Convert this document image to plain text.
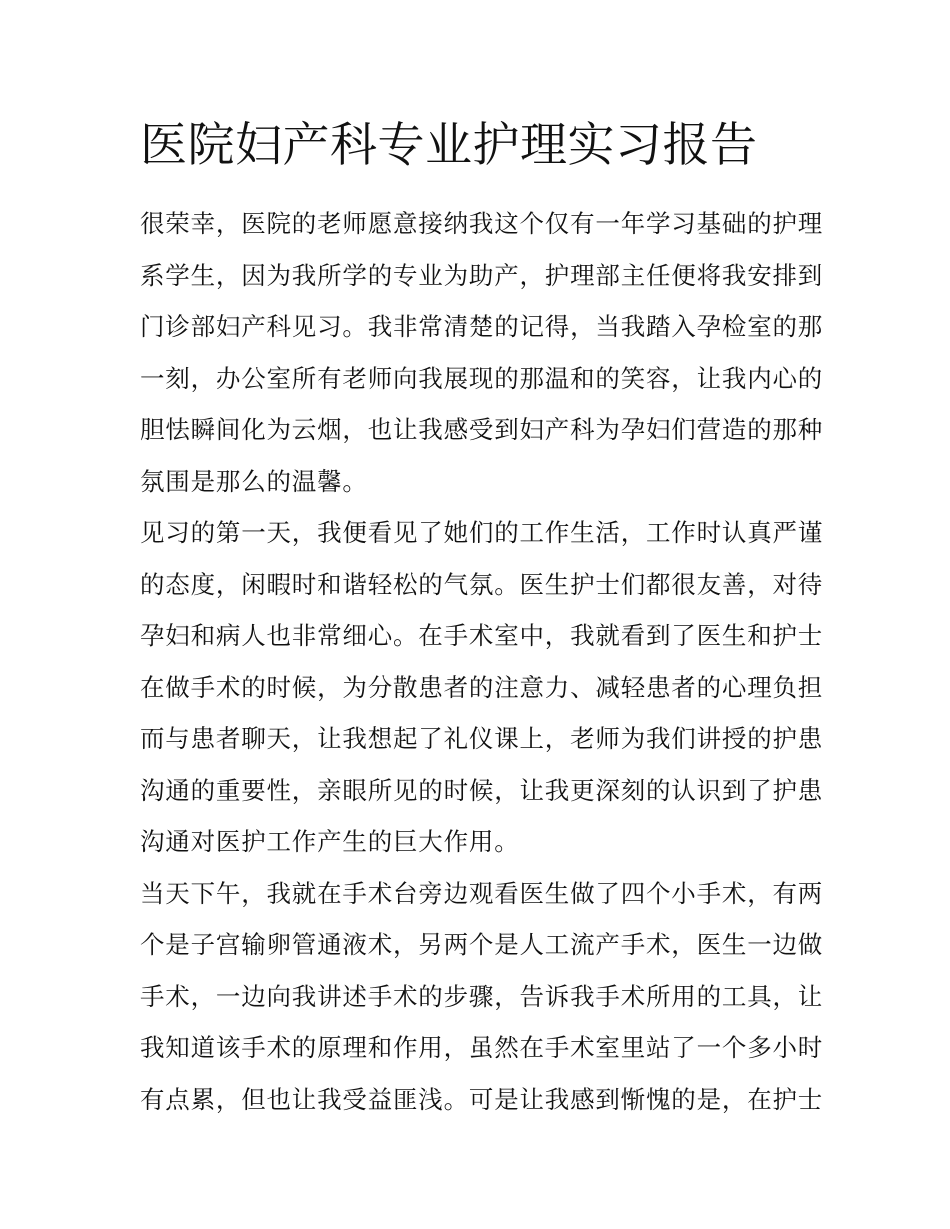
医院妇产科专业护理实习报告
很荣幸，医院的老师愿意接纳我这个仅有一年学习基础的护理
系学生，因为我所学的专业为助产，护理部主任便将我安排到
门诊部妇产科见习。我非常清楚的记得，当我踏入孕检室的那
一刻，办公室所有老师向我展现的那温和的笑容，让我内心的
胆怯瞬间化为云烟，也让我感受到妇产科为孕妇们营造的那种
氛围是那么的温馨。
见习的第一天，我便看见了她们的工作生活，工作时认真严谨
的态度，闲暇时和谐轻松的气氛。医生护士们都很友善，对待
孕妇和病人也非常细心。在手术室中，我就看到了医生和护士
在做手术的时候，为分散患者的注意力、减轻患者的心理负担
而与患者聊天，让我想起了礼仪课上，老师为我们讲授的护患
沟通的重要性，亲眼所见的时候，让我更深刻的认识到了护患
沟通对医护工作产生的巨大作用。
当天下午，我就在手术台旁边观看医生做了四个小手术，有两
个是子宫输卵管通液术，另两个是人工流产手术，医生一边做
手术，一边向我讲述手术的步骤，告诉我手术所用的工具，让
我知道该手术的原理和作用，虽然在手术室里站了一个多小时
有点累，但也让我受益匪浅。可是让我感到惭愧的是，在护士
